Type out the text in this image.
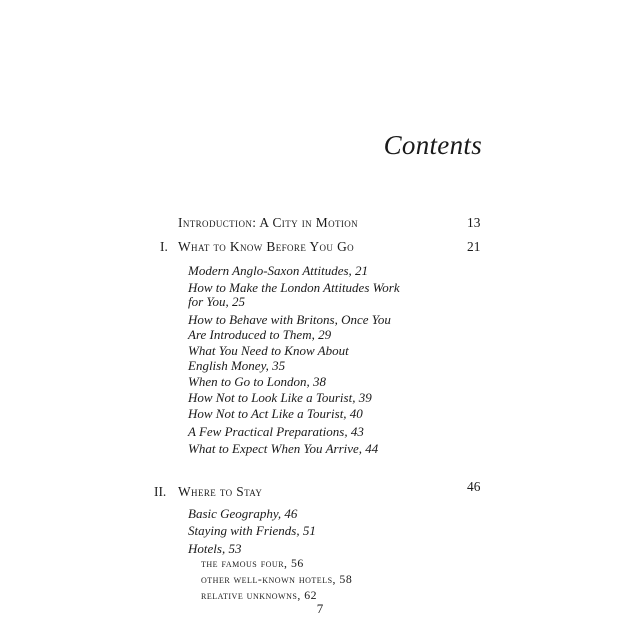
Contents
Introduction: A City in Motion	13
I. What to Know Before You Go	21
Modern Anglo-Saxon Attitudes, 21
How to Make the London Attitudes Work
for You, 25
How to Behave with Britons, Once You
Are Introduced to Them, 29
What You Need to Know About
English Money, 35
When to Go to London, 38
How Not to Look Like a Tourist, 39
How Not to Act Like a Tourist, 40
A Few Practical Preparations, 43
What to Expect When You Arrive, 44
II. Where to Stay	46
Basic Geography, 46
Staying with Friends, 51
Hotels, 53
the famous four, 56
other well-known hotels, 58
relative unknowns, 62
7
